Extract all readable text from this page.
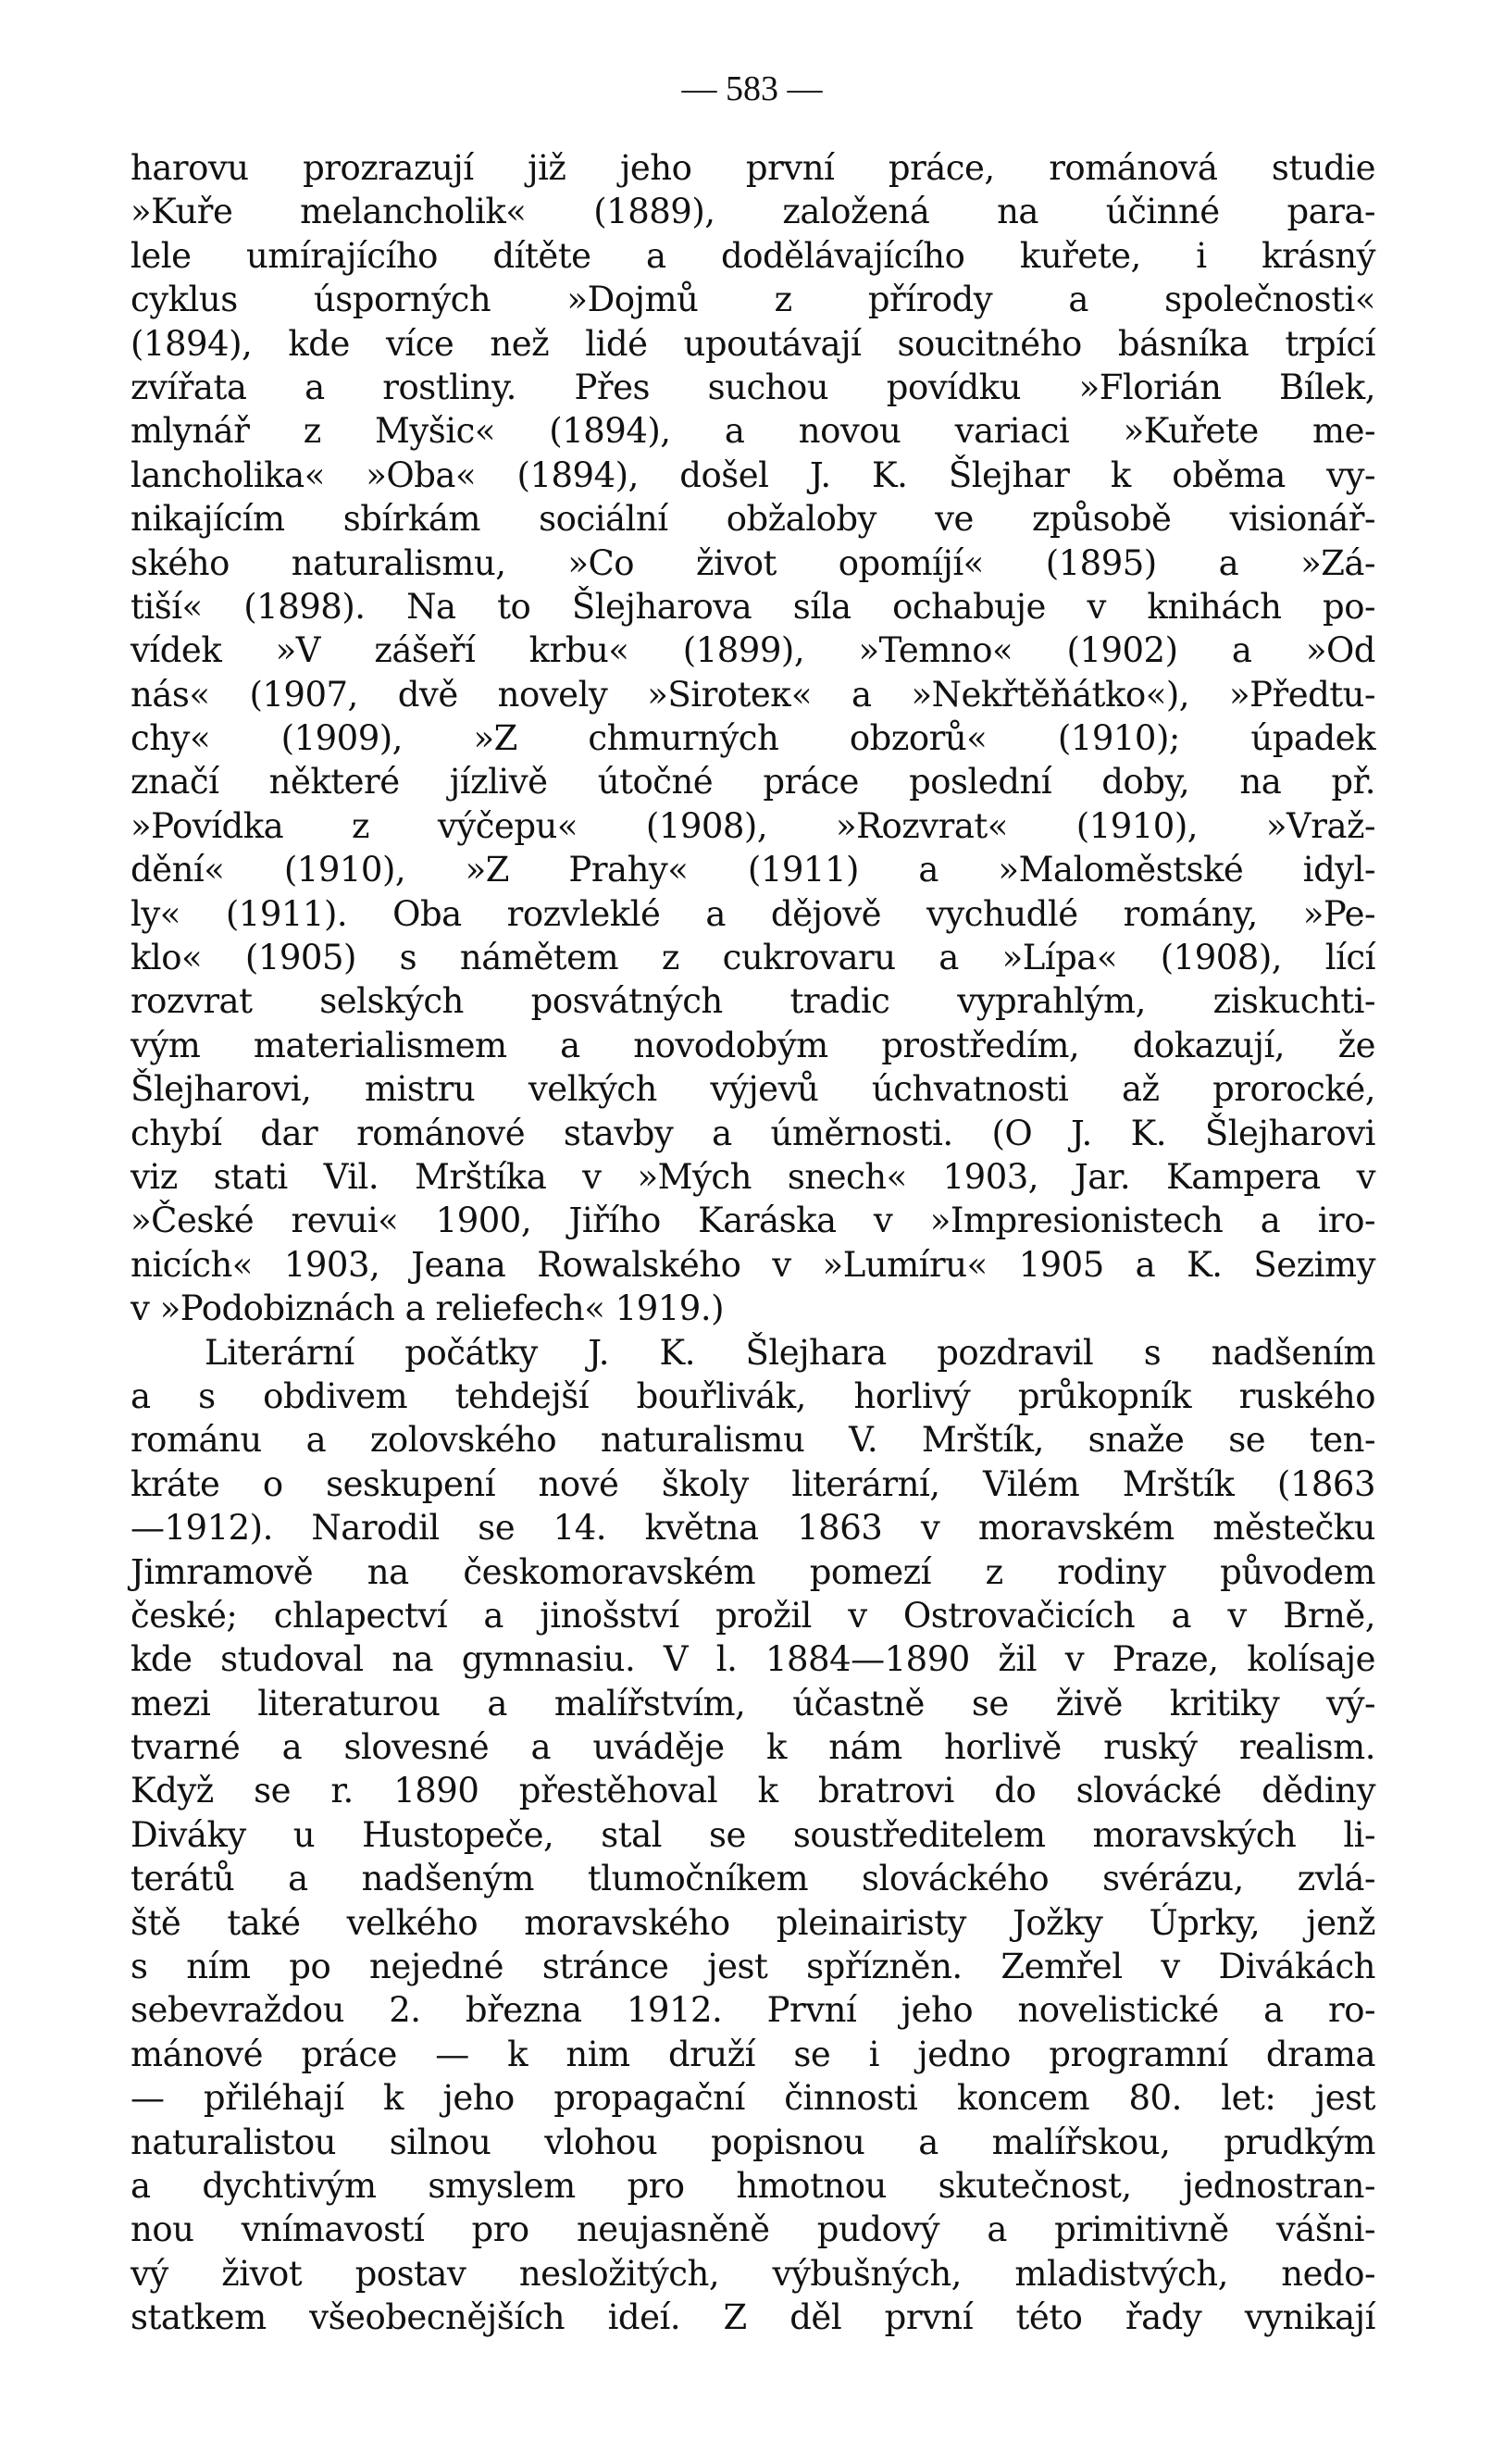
— 583 —
harovu prozrazují již jeho první práce, románová studie
»Kuře melancholik« (1889), založená na účinné para-
lele umírajícího dítěte a dodělávajícího kuřete, i krásný
cyklus úsporných »Dojmů z přírody a společnosti«
(1894), kde více než lidé upoutávají soucitného básníka trpící
zvířata a rostliny. Přes suchou povídku »Florián Bílek,
mlynář z Myšic« (1894), a novou variaci »Kuřete me-
lancholika« »Oba« (1894), došel J. K. Šlejhar k oběma vy-
nikajícím sbírkám sociální obžaloby ve způsobě visionář-
ského naturalismu, »Co život opomíjí« (1895) a »Zá-
tiší« (1898). Na to Šlejharova síla ochabuje v knihách po-
vídek »V zášeří krbu« (1899), »Temno« (1902) a »Od
nás« (1907, dvě novely »Siroteк« a »Nekřtěňátko«), »Předtu-
chy« (1909), »Z chmurných obzorů« (1910); úpadek
značí některé jízlivě útočné práce poslední doby, na př.
»Povídka z výčepu« (1908), »Rozvrat« (1910), »Vraž-
dění« (1910), »Z Prahy« (1911) a »Maloměstské idyl-
ly« (1911). Oba rozvleklé a dějově vychudlé romány, »Pe-
klo« (1905) s námětem z cukrovaru a »Lípa« (1908), lící
rozvrat selských posvátných tradic vyprahlým, ziskuchti-
vým materialismem a novodobým prostředím, dokazují, že
Šlejharovi, mistru velkých výjevů úchvatnosti až prorocké,
chybí dar románové stavby a úměrnosti. (O J. K. Šlejharovi
viz stati Vil. Mrštíka v »Mých snech« 1903, Jar. Kampera v
»České revui« 1900, Jiřího Karáska v »Impresionistech a iro-
nicích« 1903, Jeana Rowalského v »Lumíru« 1905 a K. Sezimy
v »Podobiznách a reliefech« 1919.)
Literární počátky J. K. Šlejhara pozdravil s nadšením
a s obdivem tehdejší bouřlivák, horlivý průkopník ruského
románu a zolovského naturalismu V. Mrštík, snaže se ten-
kráte o seskupení nové školy literární, Vilém Mrštík (1863
—1912). Narodil se 14. května 1863 v moravském městečku
Jimramově na českomoravském pomezí z rodiny původem
české; chlapectví a jinošství prožil v Ostrovačicích a v Brně,
kde studoval na gymnasiu. V l. 1884—1890 žil v Praze, kolísaje
mezi literaturou a malířstvím, účastně se živě kritiky vý-
tvarné a slovesné a uváděje k nám horlivě ruský realism.
Když se r. 1890 přestěhoval k bratrovi do slovácké dědiny
Diváky u Hustopeče, stal se soustředitelem moravských li-
terátů a nadšeným tlumočníkem slováckého svérázu, zvlá-
ště také velkého moravského pleinairisty Jožky Úprky, jenž
s ním po nejedné stránce jest spřízněn. Zemřel v Divákách
sebevraždou 2. března 1912. První jeho novelistické a ro-
mánové práce — k nim druží se i jedno programní drama
— přiléhají k jeho propagační činnosti koncem 80. let: jest
naturalistou silnou vlohou popisnou a malířskou, prudkým
a dychtivým smyslem pro hmotnou skutečnost, jednostran-
nou vnímavostí pro neujasněně pudový a primitivně vášni-
vý život postav nesložitých, výbušných, mladistvých, nedo-
statkem všeobecnějších ideí. Z děl první této řady vynikají
